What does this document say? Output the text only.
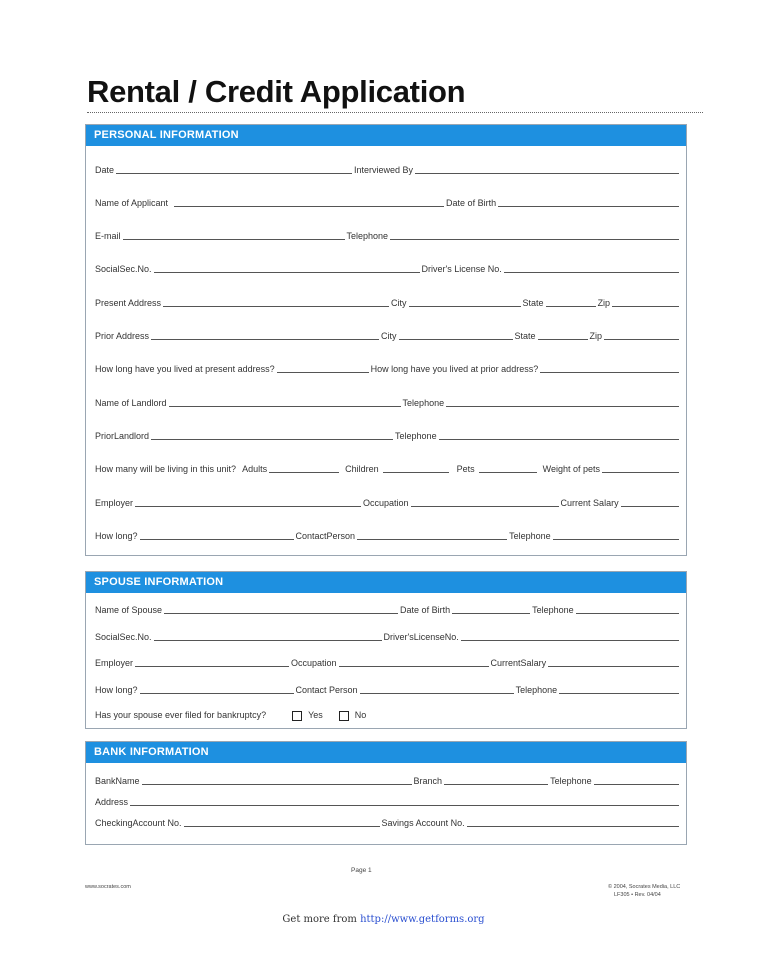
Rental / Credit Application
PERSONAL INFORMATION
Date	Interviewed By
Name of Applicant	Date of Birth
E-mail	Telephone
SocialSec.No.	Driver's License No.
Present Address	City	State	Zip
Prior Address	City	State	Zip
How long have you lived at present address?	How long have you lived at prior address?
Name of Landlord	Telephone
PriorLandlord	Telephone
How many will be living in this unit? Adults	Children	Pets	Weight of pets
Employer	Occupation	Current Salary
How long?	ContactPerson	Telephone
SPOUSE INFORMATION
Name of Spouse	Date of Birth	Telephone
SocialSec.No.	Driver'sLicenseNo.
Employer	Occupation	CurrentSalary
How long?	Contact Person	Telephone
Has your spouse ever filed for bankruptcy?	Yes	No
BANK INFORMATION
BankName	Branch	Telephone
Address
CheckingAccount No.	Savings Account No.
Page 1
www.socrates.com	© 2004, Socrates Media, LLC
LF305 • Rev. 04/04
Get more from http://www.getforms.org
